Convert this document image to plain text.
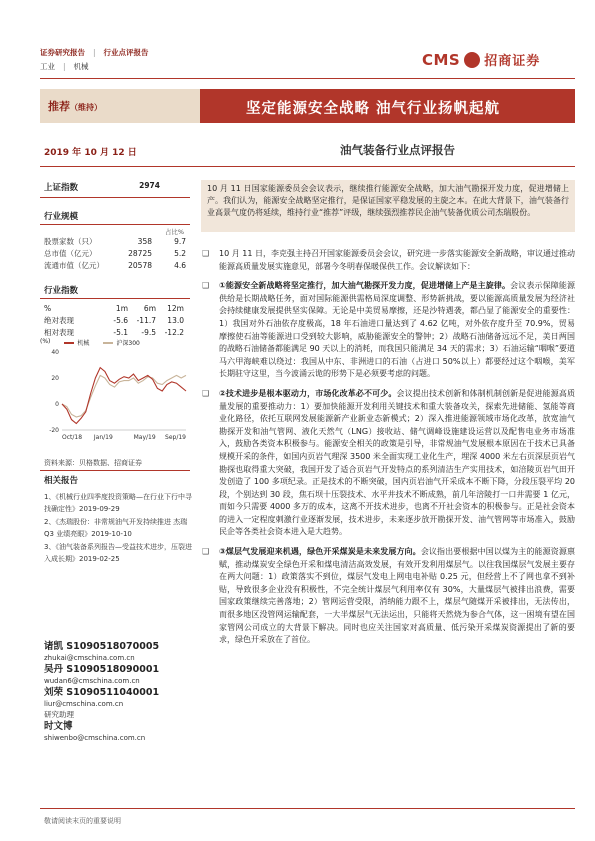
证券研究报告 | 行业点评报告
工业 | 机械	CMS 招商证券
推荐（维持）	坚定能源安全战略 油气行业扬帆起航
2019 年 10 月 12 日	油气装备行业点评报告
上证指数	2974
行业规模
占比%
股票家数（只）	358	9.7
总市值（亿元）	28725	5.2
流通市值（亿元）	20578	4.6
行业指数
%	1m	6m	12m
绝对表现	-5.6	-11.7	13.0
相对表现	-5.1	-9.5	-12.2
(%)	机械	沪深300
40
20
0
-20
Oct/18 Jan/19	May/19 Sep/19
资料来源：贝格数据、招商证券
相关报告
1、《机械行业四季度投资策略—在行业下行中寻找确定性》2019-09-29
2、《杰瑞股份：非常规油气开发持续推进 杰瑞 Q3 业绩亮眼》2019-10-10
3、《油气装备系列报告—受益技术进步，压裂进入成长期》2019-02-25
诸凯 S1090518070005
zhukai@cmschina.com.cn
吴丹 S1090518090001
wudan6@cmschina.com.cn
刘荣 S1090511040001
liur@cmschina.com.cn
研究助理
时文博
shiwenbo@cmschina.com.cn
敬请阅读末页的重要说明
10 月 11 日国家能源委员会会议表示，继续推行能源安全战略，加大油气勘探开发力度，促进增储上产。我们认为，能源安全战略坚定推行，是保证国家平稳发展的主旋之本。在此大背景下，油气装备行业高景气度仍将延续，维持行业“推荐”评级，继续强烈推荐民企油气装备优质公司杰瑞股份。
❑	10 月 11 日，李克强主持召开国家能源委员会会议，研究进一步落实能源安全新战略，审议通过推动能源高质量发展实施意见，部署今冬明春保暖保供工作。会议解读如下：
❑	①能源安全新战略将坚定推行，加大油气勘探开发力度，促进增储上产是主旋律。会议表示保障能源供给是长期战略任务，面对国际能源供需格局深度调整、形势新挑战，要以能源高质量发展为经济社会持续健康发展提供坚实保障。无论是中美贸易摩擦，还是沙特遇袭，都凸显了能源安全的重要性：1）我国对外石油依存度极高，18 年石油进口量达到了 4.62 亿吨，对外依存度升至 70.9%，贸易摩擦使石油等能源进口受到较大影响，威胁能源安全的警钟；2）战略石油储备远远不足，美日两国的战略石油储备都能满足 90 天以上的消耗，而我国只能满足 34 天的需求；3）石油运输“咽喉”要道马六甲海峡难以绕过：我国从中东、非洲进口的石油（占进口 50%以上）都要经过这个咽喉，美军长期驻守这里，当今波涌云诡的形势下是必须要考虑的问题。
❑	②技术进步是根本驱动力，市场化改革必不可少。会议提出技术创新和体制机制创新是促进能源高质量发展的重要推动力：1）要加快能源开发利用关键技术和重大装备攻关，探索先进储能、氢能等商业化路径，依托互联网发展能源新产业新业态新模式；2）深入推进能源领域市场化改革，放宽油气勘探开发和油气管网、液化天然气（LNG）接收站、储气调峰设施建设运营以及配售电业务市场准入，鼓励各类资本积极参与。能源安全相关的政策是引导，非常规油气发展根本原因在于技术已具备规模开采的条件，如国内页岩气理深 3500 米全面实现工业化生产，埋深 4000 米左右页深层页岩气勘探也取得重大突破，我国开发了适合页岩气开发特点的系列清洁生产实用技术，如涪陵页岩气田开发创造了 100 多项纪录。正是技术的不断突破，国内页岩油气开采成本不断下降，分段压裂平均 20 段，个别达到 30 段，焦石坝十压裂技术、水平井技术不断成熟，前几年涪陵打一口井需要 1 亿元，而如今只需要 4000 多万的成本，这离不开技术进步，也离不开社会资本的积极参与。正是社会资本的进入一定程度刺激行业逐渐发展，技术进步，未来逐步放开勘探开发、油气管网等市场准入，鼓励民企等各类社会资本进入是大趋势。
❑	③煤层气发展迎来机遇，绿色开采煤炭是未来发展方向。会议指出要根据中国以煤为主的能源资源禀赋，推动煤炭安全绿色开采和煤电清洁高效发展，有效开发利用煤层气。以往我国煤层气发展主要存在两大问题：1）政策落实不到位，煤层气发电上网电电补贴 0.25 元，但经营上不了网也拿不到补贴，导致很多企业没有积极性，不完全统计煤层气利用率仅有 30%，大量煤层气被排出浪费，需要国家政策继续完善落地；2）管网运营受限，消纳能力跟不上，煤层气随煤开采被排出，无法传出，而很多地区没管网运输配套，一大半煤层气无法运出，只能将天然烧为参合气体，这一困境有望在国家管网公司成立的大背景下解决。同时也应关注国家对高质量、低污染开采煤炭资源提出了新的要求，绿色开采放在了首位。
